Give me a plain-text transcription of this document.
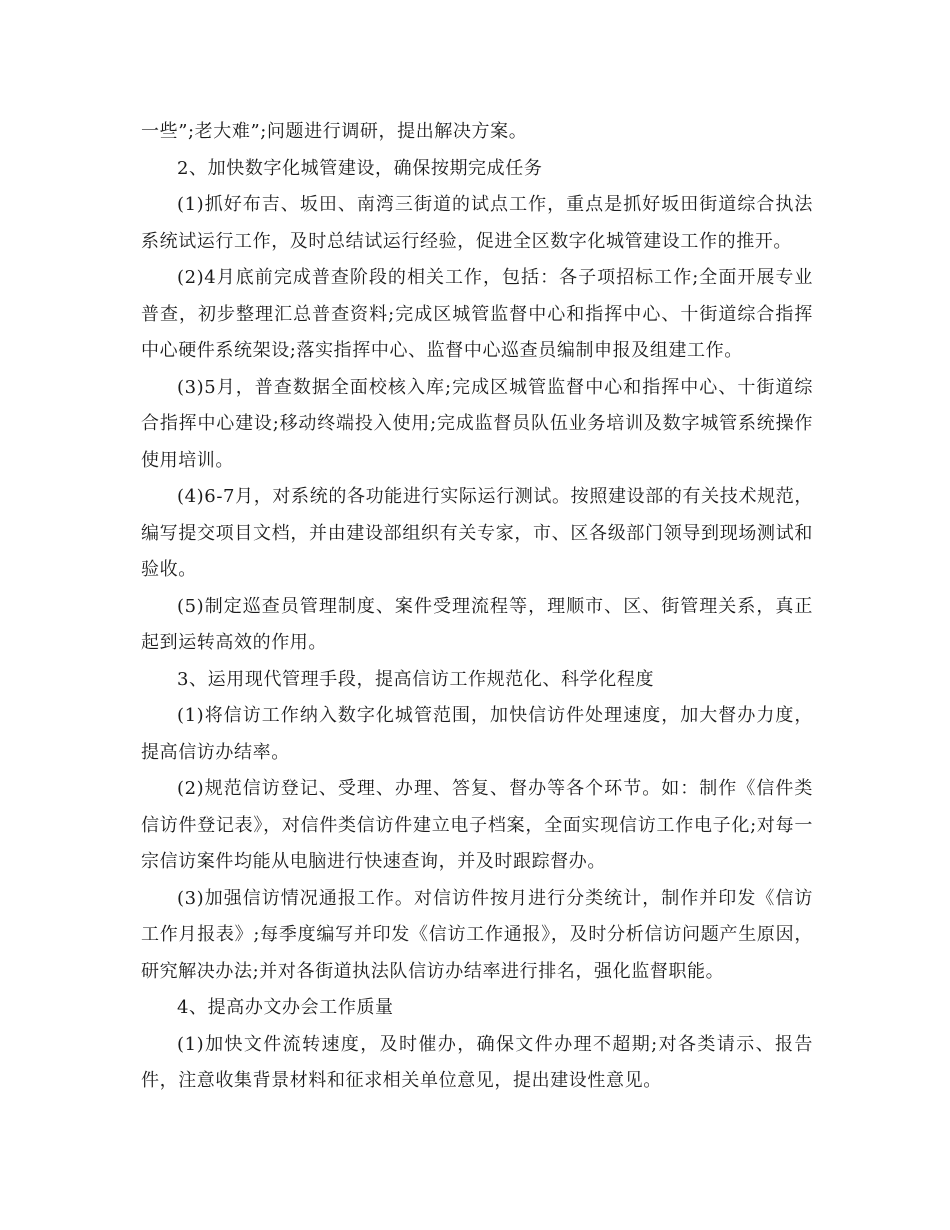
一些”;老大难”;问题进行调研，提出解决方案。

2、加快数字化城管建设，确保按期完成任务

(1)抓好布吉、坂田、南湾三街道的试点工作，重点是抓好坂田街道综合执法系统试运行工作，及时总结试运行经验，促进全区数字化城管建设工作的推开。

(2)4月底前完成普查阶段的相关工作，包括：各子项招标工作;全面开展专业普查，初步整理汇总普查资料;完成区城管监督中心和指挥中心、十街道综合指挥中心硬件系统架设;落实指挥中心、监督中心巡查员编制申报及组建工作。

(3)5月，普查数据全面校核入库;完成区城管监督中心和指挥中心、十街道综合指挥中心建设;移动终端投入使用;完成监督员队伍业务培训及数字城管系统操作使用培训。

(4)6-7月，对系统的各功能进行实际运行测试。按照建设部的有关技术规范，编写提交项目文档，并由建设部组织有关专家，市、区各级部门领导到现场测试和验收。

(5)制定巡查员管理制度、案件受理流程等，理顺市、区、街管理关系，真正起到运转高效的作用。

3、运用现代管理手段，提高信访工作规范化、科学化程度

(1)将信访工作纳入数字化城管范围，加快信访件处理速度，加大督办力度，提高信访办结率。

(2)规范信访登记、受理、办理、答复、督办等各个环节。如：制作《信件类信访件登记表》，对信件类信访件建立电子档案，全面实现信访工作电子化;对每一宗信访案件均能从电脑进行快速查询，并及时跟踪督办。

(3)加强信访情况通报工作。对信访件按月进行分类统计，制作并印发《信访工作月报表》;每季度编写并印发《信访工作通报》，及时分析信访问题产生原因，研究解决办法;并对各街道执法队信访办结率进行排名，强化监督职能。

4、提高办文办会工作质量

(1)加快文件流转速度，及时催办，确保文件办理不超期;对各类请示、报告件，注意收集背景材料和征求相关单位意见，提出建设性意见。
